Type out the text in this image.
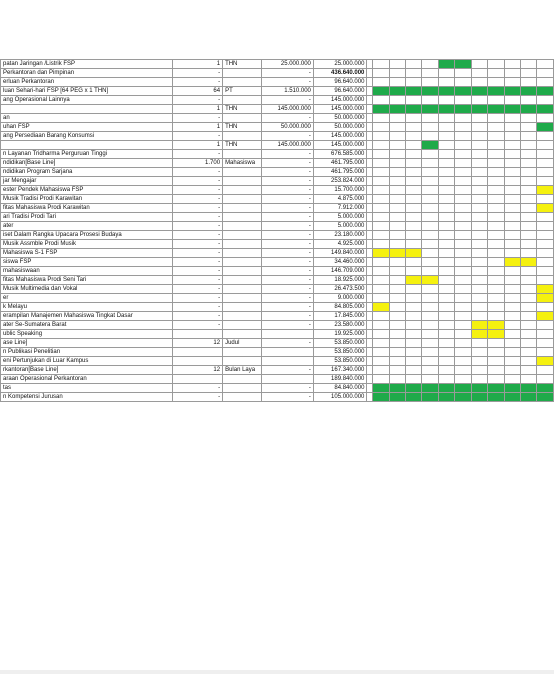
patan Jaringan /Listrik FSP	1	THN	25.000.000	25.000.000												
Perkantoran dan Pimpinan	-		-	436.640.000												
erluan Perkantoran	-		-	96.640.000												
luan Sehari-hari FSP [64 PEG x 1 THN]	64	PT	1.510.000	96.640.000												
ang Operasional Lainnya	-		-	145.000.000												
	1	THN	145.000.000	145.000.000												
an	-		-	50.000.000												
uhan FSP	1	THN	50.000.000	50.000.000												
ang Persediaan Barang Konsumsi	-		-	145.000.000												
	1	THN	145.000.000	145.000.000												
n Layanan Tridharma Perguruan Tinggi	-		-	676.585.000												
ndidikan[Base Line]	1.700	Mahasiswa	-	461.795.000												
ndidikan Program Sarjana	-		-	461.795.000												
jar Mengajar	-		-	253.824.000												
ester Pendek Mahasiswa FSP	-		-	15.700.000												
Musik Tradisi Prodi Karawitan	-		-	4.875.000												
fitas Mahasiswa Prodi Karawitan	-		-	7.912.000												
ari Tradisi Prodi Tari	-		-	5.000.000												
ater	-		-	5.000.000												
iset Dalam Rangka Upacara Prosesi Budaya	-		-	23.180.000												
Musik Assmble Prodi Musik	-		-	4.925.000												
Mahasiswa S-1 FSP	-		-	149.840.000												
siswa FSP	-		-	34.460.000												
mahasiswaan	-		-	146.709.000												
fitas Mahasiswa Prodi Seni Tari	-		-	18.925.000												
Musik Multimedia dan Vokal	-		-	26.473.500												
er	-		-	9.000.000												
k Melayu	-		-	84.805.000												
erampilan Manajemen Mahasiswa Tingkat Dasar	-		-	17.845.000												
ater Se-Sumatera Barat	-		-	23.580.000												
ublic Speaking				19.925.000												
ase Line]	12	Judul	-	53.850.000												
n Publikasi Penelitian				53.850.000												
eni Pertunjukan di Luar Kampus				53.850.000												
rkantoran[Base Line]	12	Bulan Laya	-	167.340.000												
araan Operasional Perkantoran				189.840.000												
tas	-		-	84.840.000												
n Kompetensi Jurusan	-		-	105.000.000												
